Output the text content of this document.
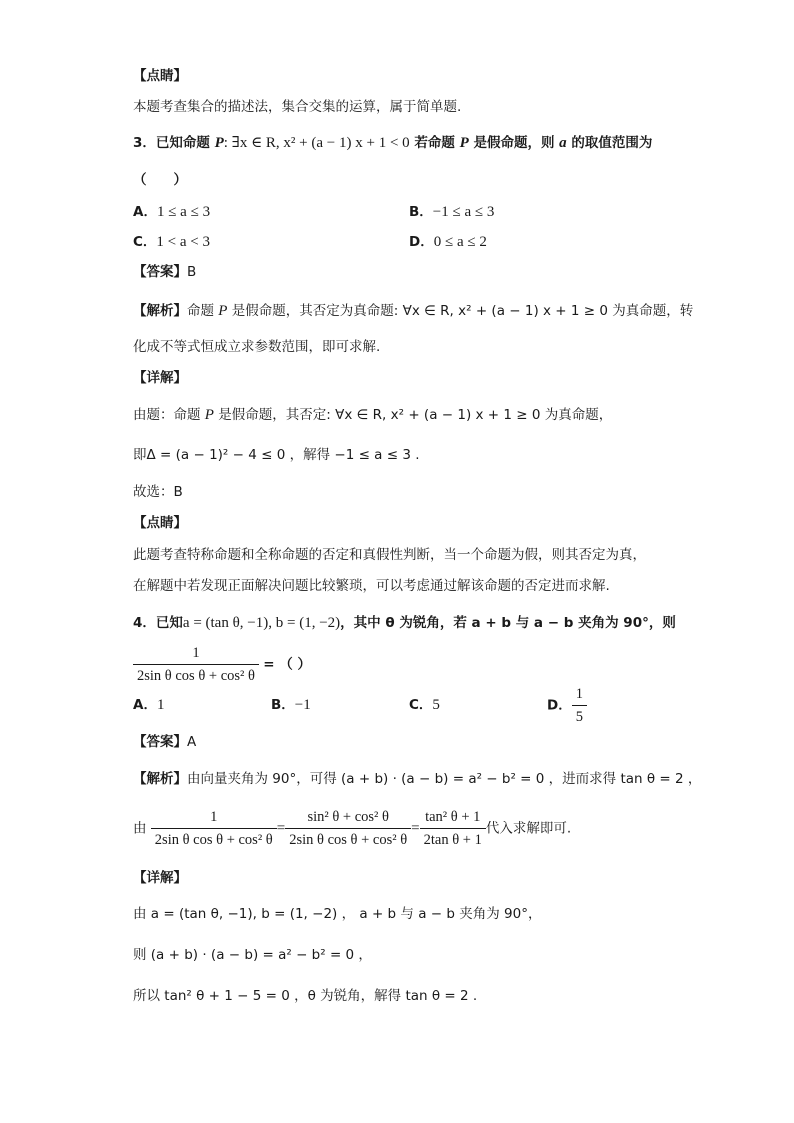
【点睛】
本题考查集合的描述法，集合交集的运算，属于简单题.
3．已知命题 P: ∃x ∈ R, x² + (a − 1) x + 1 < 0 若命题 P 是假命题，则 a 的取值范围为
（　　）
A．1 ≤ a ≤ 3	B．−1 ≤ a ≤ 3
C．1 < a < 3	D．0 ≤ a ≤ 2
【答案】B
【解析】命题 P 是假命题，其否定为真命题: ∀x ∈ R, x² + (a − 1) x + 1 ≥ 0 为真命题，转
化成不等式恒成立求参数范围，即可求解.
【详解】
由题：命题 P 是假命题，其否定: ∀x ∈ R, x² + (a − 1) x + 1 ≥ 0 为真命题，
即Δ = (a − 1)² − 4 ≤ 0 ，解得 −1 ≤ a ≤ 3 .
故选：B
【点睛】
此题考查特称命题和全称命题的否定和真假性判断，当一个命题为假，则其否定为真，
在解题中若发现正面解决问题比较繁琐，可以考虑通过解该命题的否定进而求解.
4．已知a = (tan θ, −1), b = (1, −2)，其中 θ 为锐角，若 a + b 与 a − b 夹角为 90°，则
$\frac{1}{\text{2sin θ cos θ + cos² θ}}$ = （ ）
A．1	B．−1	C．5	D． $\frac{1}{5}$
【答案】A
【解析】由向量夹角为 90°，可得 (a + b) · (a − b) = a² − b² = 0 ，进而求得 tan θ = 2 ，
由 $\frac{1}{\text{2sin θ cos θ + cos² θ}} = \frac{\text{sin² θ + cos² θ}}{\text{2sin θ cos θ + cos² θ}} = \frac{\text{tan² θ + 1}}{\text{2tan θ + 1}}$ 代入求解即可.
【详解】
由 a = (tan θ, −1), b = (1, −2) ， a + b 与 a − b 夹角为 90°，
则 (a + b) · (a − b) = a² − b² = 0 ，
所以 tan² θ + 1 − 5 = 0 ，θ 为锐角，解得 tan θ = 2 .
